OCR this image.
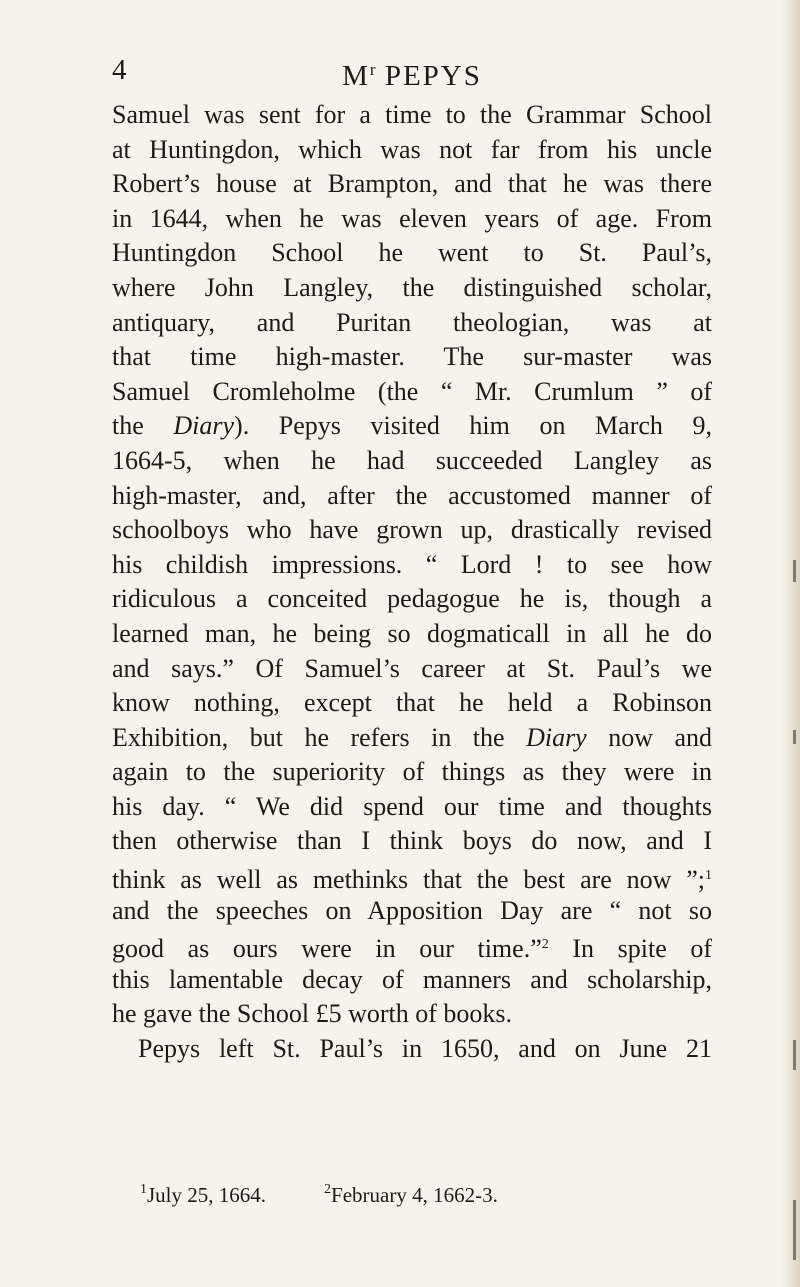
4	$M^r$ PEPYS
Samuel was sent for a time to the Grammar School
at Huntingdon, which was not far from his uncle
Robert’s house at Brampton, and that he was there
in 1644, when he was eleven years of age. From
Huntingdon School he went to St. Paul’s,
where John Langley, the distinguished scholar,
antiquary, and Puritan theologian, was at
that time high-master. The sur-master was
Samuel Cromleholme (the “ Mr. Crumlum ” of
the Diary). Pepys visited him on March 9,
1664-5, when he had succeeded Langley as
high-master, and, after the accustomed manner of
schoolboys who have grown up, drastically revised
his childish impressions. “ Lord ! to see how
ridiculous a conceited pedagogue he is, though a
learned man, he being so dogmaticall in all he do
and says.” Of Samuel’s career at St. Paul’s we
know nothing, except that he held a Robinson
Exhibition, but he refers in the Diary now and
again to the superiority of things as they were in
his day. “ We did spend our time and thoughts
then otherwise than I think boys do now, and I
think as well as methinks that the best are now ”;$^1$
and the speeches on Apposition Day are “ not so
good as ours were in our time.”$^2$ In spite of
this lamentable decay of manners and scholarship,
he gave the School £5 worth of books.
Pepys left St. Paul’s in 1650, and on June 21
$^1$July 25, 1664.	$^2$February 4, 1662-3.
